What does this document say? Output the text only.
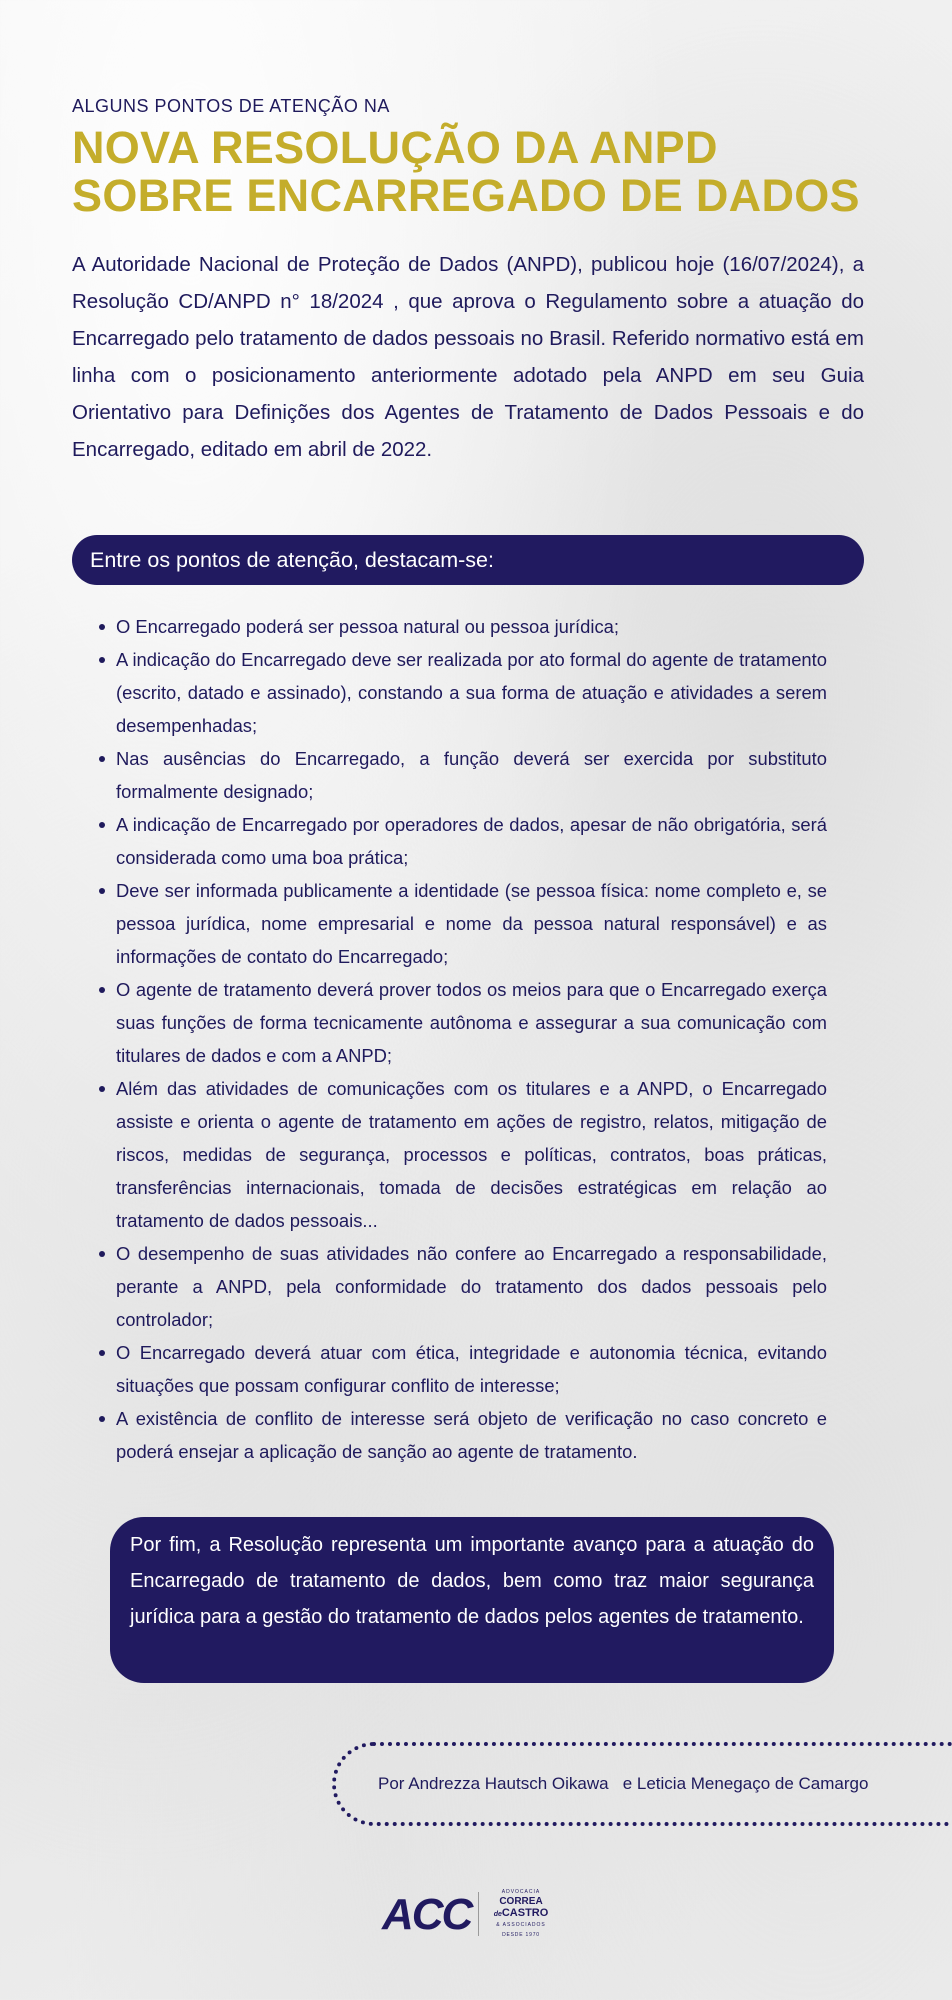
ALGUNS PONTOS DE ATENÇÃO NA
NOVA RESOLUÇÃO DA ANPD
SOBRE ENCARREGADO DE DADOS

A Autoridade Nacional de Proteção de Dados (ANPD), publicou hoje (16/07/2024), a Resolução CD/ANPD n° 18/2024 , que aprova o Regulamento sobre a atuação do Encarregado pelo tratamento de dados pessoais no Brasil. Referido normativo está em linha com o posicionamento anteriormente adotado pela ANPD em seu Guia Orientativo para Definições dos Agentes de Tratamento de Dados Pessoais e do Encarregado, editado em abril de 2022.

Entre os pontos de atenção, destacam-se:
O Encarregado poderá ser pessoa natural ou pessoa jurídica;
A indicação do Encarregado deve ser realizada por ato formal do agente de tratamento (escrito, datado e assinado), constando a sua forma de atuação e atividades a serem desempenhadas;
Nas ausências do Encarregado, a função deverá ser exercida por substituto formalmente designado;
A indicação de Encarregado por operadores de dados, apesar de não obrigatória, será considerada como uma boa prática;
Deve ser informada publicamente a identidade (se pessoa física: nome completo e, se pessoa jurídica, nome empresarial e nome da pessoa natural responsável) e as informações de contato do Encarregado;
O agente de tratamento deverá prover todos os meios para que o Encarregado exerça suas funções de forma tecnicamente autônoma e assegurar a sua comunicação com titulares de dados e com a ANPD;
Além das atividades de comunicações com os titulares e a ANPD, o Encarregado assiste e orienta o agente de tratamento em ações de registro, relatos, mitigação de riscos, medidas de segurança, processos e políticas, contratos, boas práticas, transferências internacionais, tomada de decisões estratégicas em relação ao tratamento de dados pessoais...
O desempenho de suas atividades não confere ao Encarregado a responsabilidade, perante a ANPD, pela conformidade do tratamento dos dados pessoais pelo controlador;
O Encarregado deverá atuar com ética, integridade e autonomia técnica, evitando situações que possam configurar conflito de interesse;
A existência de conflito de interesse será objeto de verificação no caso concreto e poderá ensejar a aplicação de sanção ao agente de tratamento.
Por fim, a Resolução representa um importante avanço para a atuação do Encarregado de tratamento de dados, bem como traz maior segurança jurídica para a gestão do tratamento de dados pelos agentes de tratamento.
Por Andrezza Hautsch Oikawa   e Leticia Menegaço de Camargo
ACC	ADVOCACIA
CORREA
deCASTRO
& ASSOCIADOS
DESDE 1970
